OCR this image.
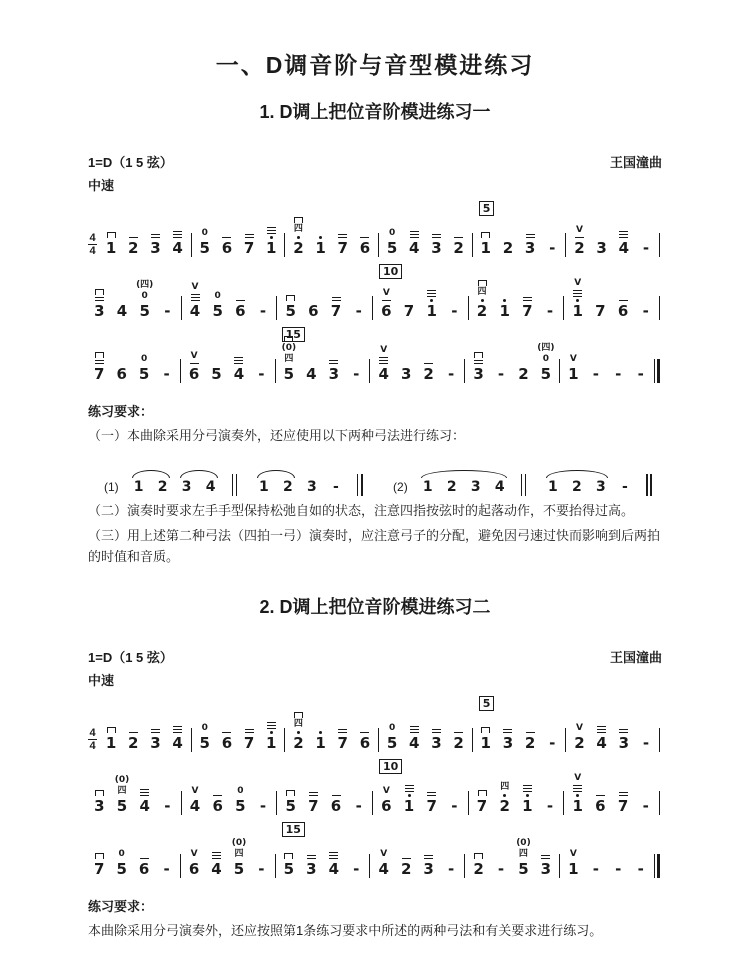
一、D调音阶与音型模进练习
1. D调上把位音阶模进练习一
1=D（1 5 弦）	王国潼曲
中速
4
4 1 2 3 4
0
5 6 7 1
四
2 1 7 6
0
5 4 3 2
5
1 2 3 -
V
2 3 4 -
3 4
(四)
0
5 -
V
4
0
5 6 - 5 6 7 -
10
V
6 7 1 -
四
2 1 7 -
V
1 7 6 -
7 6
0
5 -
V
6 5 4 -
15
(0)
四
5 4 3 -
V
4 3 2 - 3 - 2
(四)
0
5
V
1 - - -
练习要求：

（一）本曲除采用分弓演奏外，还应使用以下两种弓法进行练习：

(1)	1	2	3	4	1	2	3	-	(2)	1	2	3	4	1	2	3	-

（二）演奏时要求左手手型保持松弛自如的状态，注意四指按弦时的起落动作，不要抬得过高。

（三）用上述第二种弓法（四拍一弓）演奏时，应注意弓子的分配，避免因弓速过快而影响到后两拍的时值和音质。

2. D调上把位音阶模进练习二
1=D（1 5 弦）	王国潼曲
中速
4
4 1 2 3 4
0
5 6 7 1
四
2 1 7 6
0
5 4 3 2
5
1 3 2 -
V
2 4 3 -
3
(0)
四
5 4 -
V
4 6
0
5 - 5 7 6 -
10
V
6 1 7 - 7
四
2 1 -
V
1 6 7 -
7
0
5 6 -
V
6 4
(0)
四
5 -
15
5 3 4 -
V
4 2 3 - 2 -
(0)
四
5 3
V
1 - - -
练习要求：

本曲除采用分弓演奏外，还应按照第1条练习要求中所述的两种弓法和有关要求进行练习。
